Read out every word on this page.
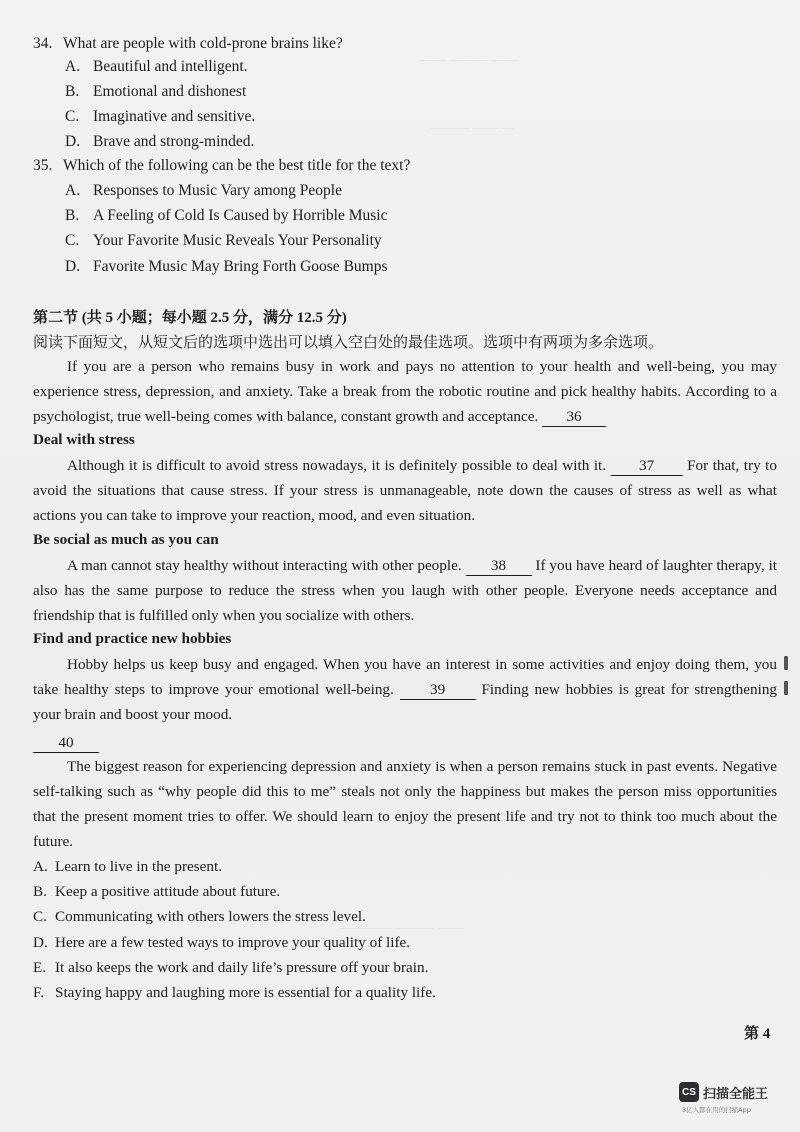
—— ——— ——
——— —— —
———— ——— ——
34. What are people with cold-prone brains like?
A. Beautiful and intelligent.
B. Emotional and dishonest
C. Imaginative and sensitive.
D. Brave and strong-minded.
35. Which of the following can be the best title for the text?
A. Responses to Music Vary among People
B. A Feeling of Cold Is Caused by Horrible Music
C. Your Favorite Music Reveals Your Personality
D. Favorite Music May Bring Forth Goose Bumps
第二节 (共 5 小题；每小题 2.5 分，满分 12.5 分)
阅读下面短文，从短文后的选项中选出可以填入空白处的最佳选项。选项中有两项为多余选项。
If you are a person who remains busy in work and pays no attention to your health and well-being, you may experience stress, depression, and anxiety. Take a break from the robotic routine and pick healthy habits. According to a psychologist, true well-being comes with balance, constant growth and acceptance. 36
Deal with stress
Although it is difficult to avoid stress nowadays, it is definitely possible to deal with it. 37 For that, try to avoid the situations that cause stress. If your stress is unmanageable, note down the causes of stress as well as what actions you can take to improve your reaction, mood, and even situation.
Be social as much as you can
A man cannot stay healthy without interacting with other people. 38 If you have heard of laughter therapy, it also has the same purpose to reduce the stress when you laugh with other people. Everyone needs acceptance and friendship that is fulfilled only when you socialize with others.
Find and practice new hobbies
Hobby helps us keep busy and engaged. When you have an interest in some activities and enjoy doing them, you take healthy steps to improve your emotional well-being. 39 Finding new hobbies is great for strengthening your brain and boost your mood.
40
The biggest reason for experiencing depression and anxiety is when a person remains stuck in past events. Negative self-talking such as “why people did this to me” steals not only the happiness but makes the person miss opportunities that the present moment tries to offer. We should learn to enjoy the present life and try not to think too much about the future.
A. Learn to live in the present.
B. Keep a positive attitude about future.
C. Communicating with others lowers the stress level.
D. Here are a few tested ways to improve your quality of life.
E. It also keeps the work and daily life’s pressure off your brain.
F. Staying happy and laughing more is essential for a quality life.
第 4
CS 扫描全能王
3亿人都在用的扫描App
